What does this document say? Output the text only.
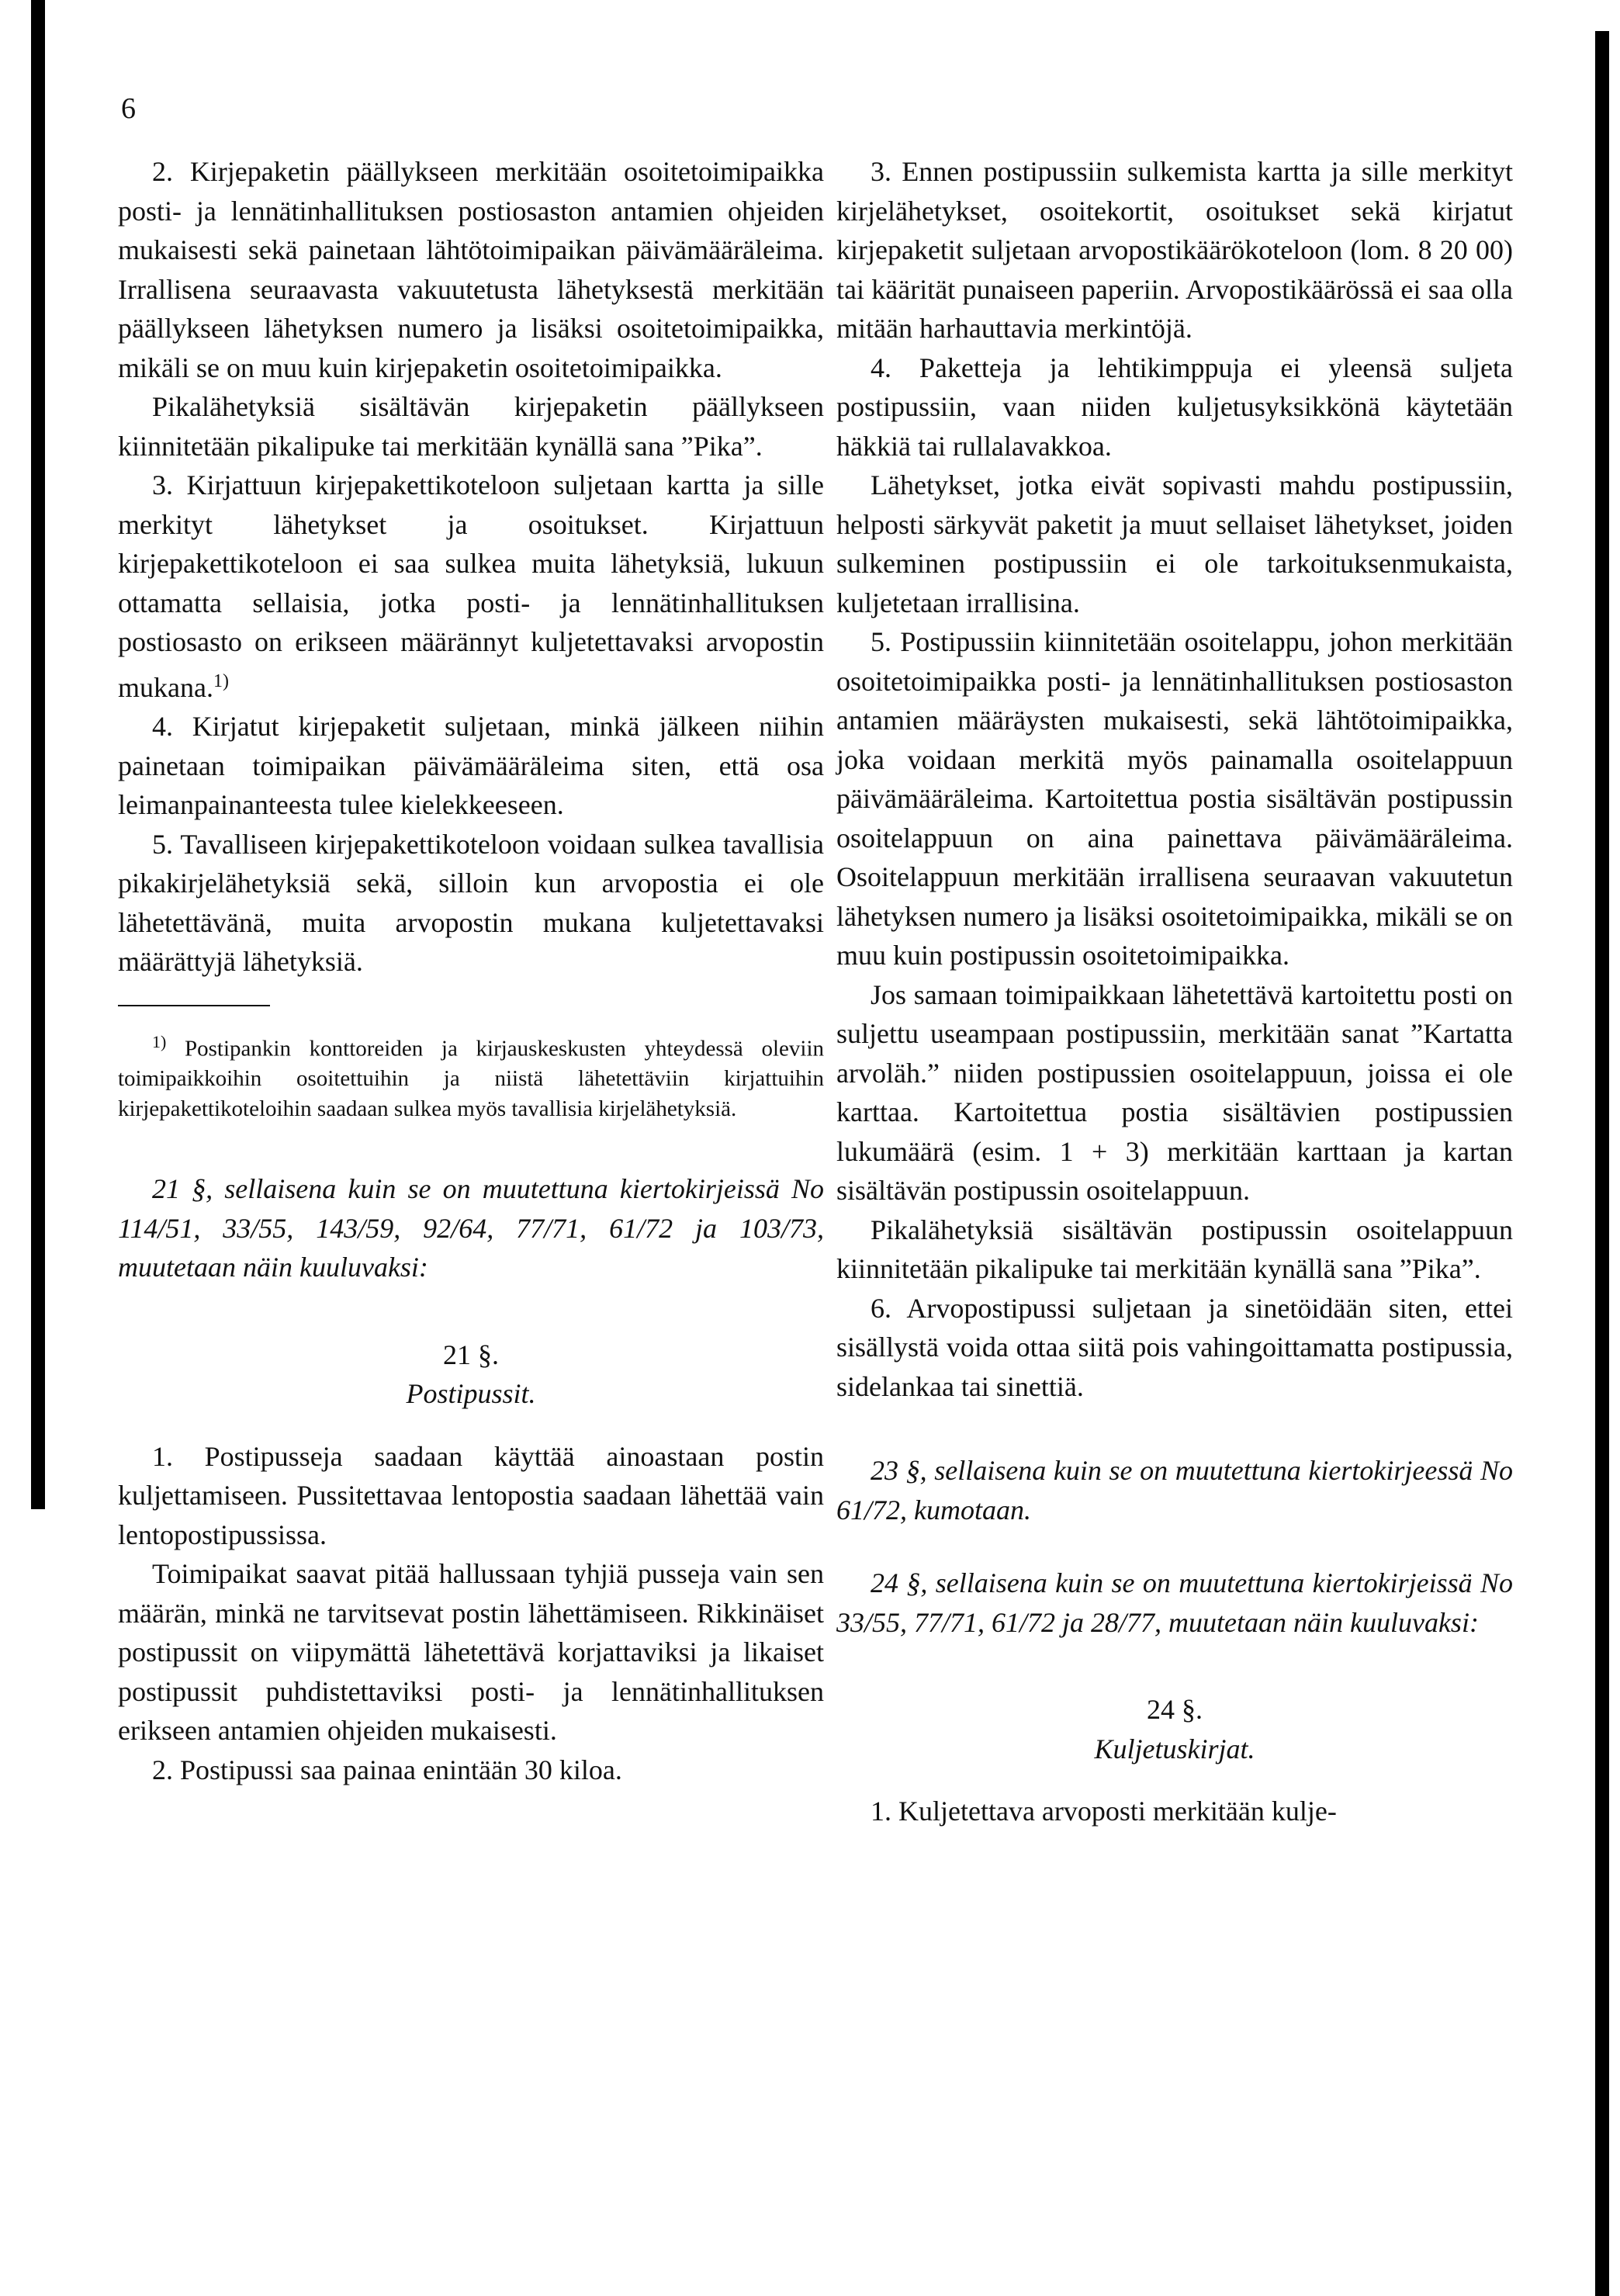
6

2. Kirjepaketin päällykseen merkitään osoitetoimipaikka posti- ja lennätinhallituksen postiosaston antamien ohjeiden mukaisesti sekä painetaan lähtötoimipaikan päivämääräleima. Irrallisena seuraavasta vakuutetusta lähetyksestä merkitään päällykseen lähetyksen numero ja lisäksi osoitetoimipaikka, mikäli se on muu kuin kirjepaketin osoitetoimipaikka.

Pikalähetyksiä sisältävän kirjepaketin päällykseen kiinnitetään pikalipuke tai merkitään kynällä sana ”Pika”.

3. Kirjattuun kirjepakettikoteloon suljetaan kartta ja sille merkityt lähetykset ja osoitukset. Kirjattuun kirjepakettikoteloon ei saa sulkea muita lähetyksiä, lukuun ottamatta sellaisia, jotka posti- ja lennätinhallituksen postiosasto on erikseen määrännyt kuljetettavaksi arvopostin mukana.$^{1)}$

4. Kirjatut kirjepaketit suljetaan, minkä jälkeen niihin painetaan toimipaikan päivämääräleima siten, että osa leimanpainanteesta tulee kielekkeeseen.

5. Tavalliseen kirjepakettikoteloon voidaan sulkea tavallisia pikakirjelähetyksiä sekä, silloin kun arvopostia ei ole lähetettävänä, muita arvopostin mukana kuljetettavaksi määrättyjä lähetyksiä.

$^{1)}$ Postipankin konttoreiden ja kirjauskeskusten yhteydessä oleviin toimipaikkoihin osoitettuihin ja niistä lähetettäviin kirjattuihin kirjepakettikoteloihin saadaan sulkea myös tavallisia kirjelähetyksiä.

21 §, sellaisena kuin se on muutettuna kiertokirjeissä No 114/51, 33/55, 143/59, 92/64, 77/71, 61/72 ja 103/73, muutetaan näin kuuluvaksi:

21 §.

Postipussit.

1. Postipusseja saadaan käyttää ainoastaan postin kuljettamiseen. Pussitettavaa lentopostia saadaan lähettää vain lentopostipussissa.

Toimipaikat saavat pitää hallussaan tyhjiä pusseja vain sen määrän, minkä ne tarvitsevat postin lähettämiseen. Rikkinäiset postipussit on viipymättä lähetettävä korjattaviksi ja likaiset postipussit puhdistettaviksi posti- ja lennätinhallituksen erikseen antamien ohjeiden mukaisesti.

2. Postipussi saa painaa enintään 30 kiloa.

3. Ennen postipussiin sulkemista kartta ja sille merkityt kirjelähetykset, osoitekortit, osoitukset sekä kirjatut kirjepaketit suljetaan arvopostikäärökoteloon (lom. 8 20 00) tai käärität punaiseen paperiin. Arvopostikäärössä ei saa olla mitään harhauttavia merkintöjä.

4. Paketteja ja lehtikimppuja ei yleensä suljeta postipussiin, vaan niiden kuljetusyksikkönä käytetään häkkiä tai rullalavakkoa.

Lähetykset, jotka eivät sopivasti mahdu postipussiin, helposti särkyvät paketit ja muut sellaiset lähetykset, joiden sulkeminen postipussiin ei ole tarkoituksenmukaista, kuljetetaan irrallisina.

5. Postipussiin kiinnitetään osoitelappu, johon merkitään osoitetoimipaikka posti- ja lennätinhallituksen postiosaston antamien määräysten mukaisesti, sekä lähtötoimipaikka, joka voidaan merkitä myös painamalla osoitelappuun päivämääräleima. Kartoitettua postia sisältävän postipussin osoitelappuun on aina painettava päivämääräleima. Osoitelappuun merkitään irrallisena seuraavan vakuutetun lähetyksen numero ja lisäksi osoitetoimipaikka, mikäli se on muu kuin postipussin osoitetoimipaikka.

Jos samaan toimipaikkaan lähetettävä kartoitettu posti on suljettu useampaan postipussiin, merkitään sanat ”Kartatta arvoläh.” niiden postipussien osoitelappuun, joissa ei ole karttaa. Kartoitettua postia sisältävien postipussien lukumäärä (esim. 1 + 3) merkitään karttaan ja kartan sisältävän postipussin osoitelappuun.

Pikalähetyksiä sisältävän postipussin osoitelappuun kiinnitetään pikalipuke tai merkitään kynällä sana ”Pika”.

6. Arvopostipussi suljetaan ja sinetöidään siten, ettei sisällystä voida ottaa siitä pois vahingoittamatta postipussia, sidelankaa tai sinettiä.

23 §, sellaisena kuin se on muutettuna kiertokirjeessä No 61/72, kumotaan.

24 §, sellaisena kuin se on muutettuna kiertokirjeissä No 33/55, 77/71, 61/72 ja 28/77, muutetaan näin kuuluvaksi:

24 §.

Kuljetuskirjat.

1. Kuljetettava arvoposti merkitään kulje-
